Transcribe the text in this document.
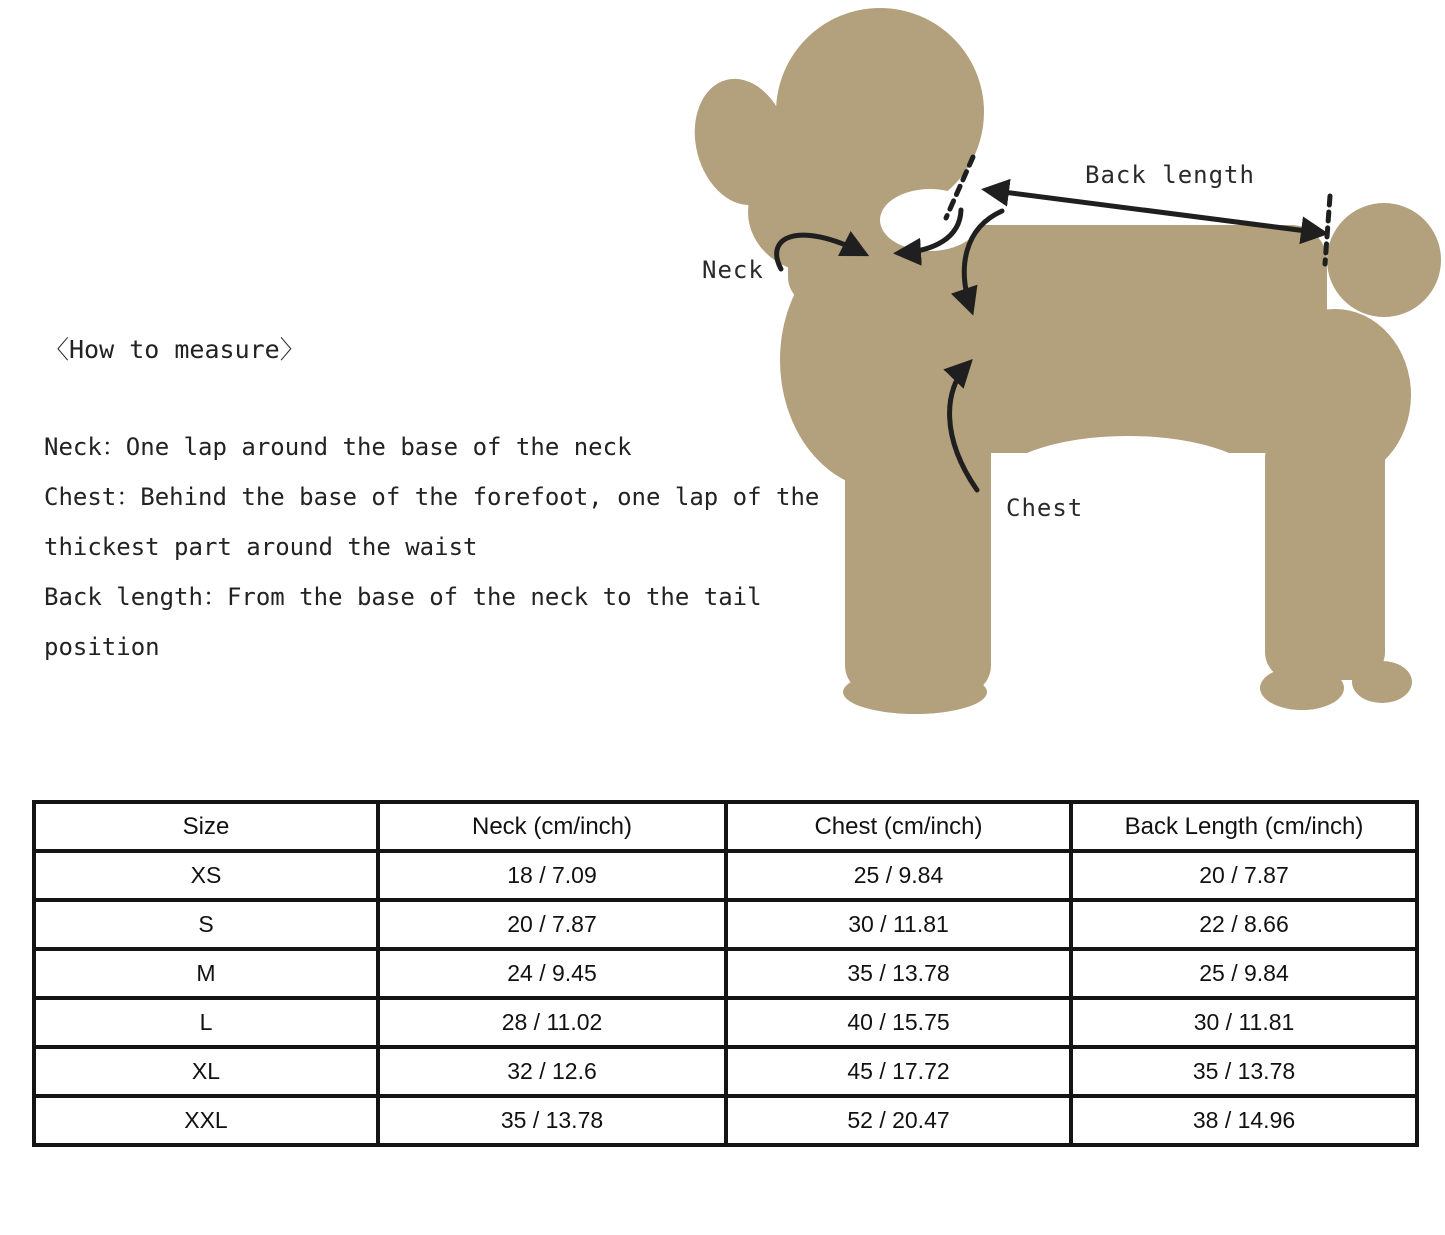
Neck
Back length
Chest
〈How to measure〉
Neck：One lap around the base of the neck
Chest：Behind the base of the forefoot, one lap of the
thickest part around the waist
Back length：From the base of the neck to the tail
position
Size	Neck (cm/inch)	Chest (cm/inch)	Back Length (cm/inch)
XS	18 / 7.09	25 / 9.84	20 / 7.87
S	20 / 7.87	30 / 11.81	22 / 8.66
M	24 / 9.45	35 / 13.78	25 / 9.84
L	28 / 11.02	40 / 15.75	30 / 11.81
XL	32 / 12.6	45 / 17.72	35 / 13.78
XXL	35 / 13.78	52 / 20.47	38 / 14.96
